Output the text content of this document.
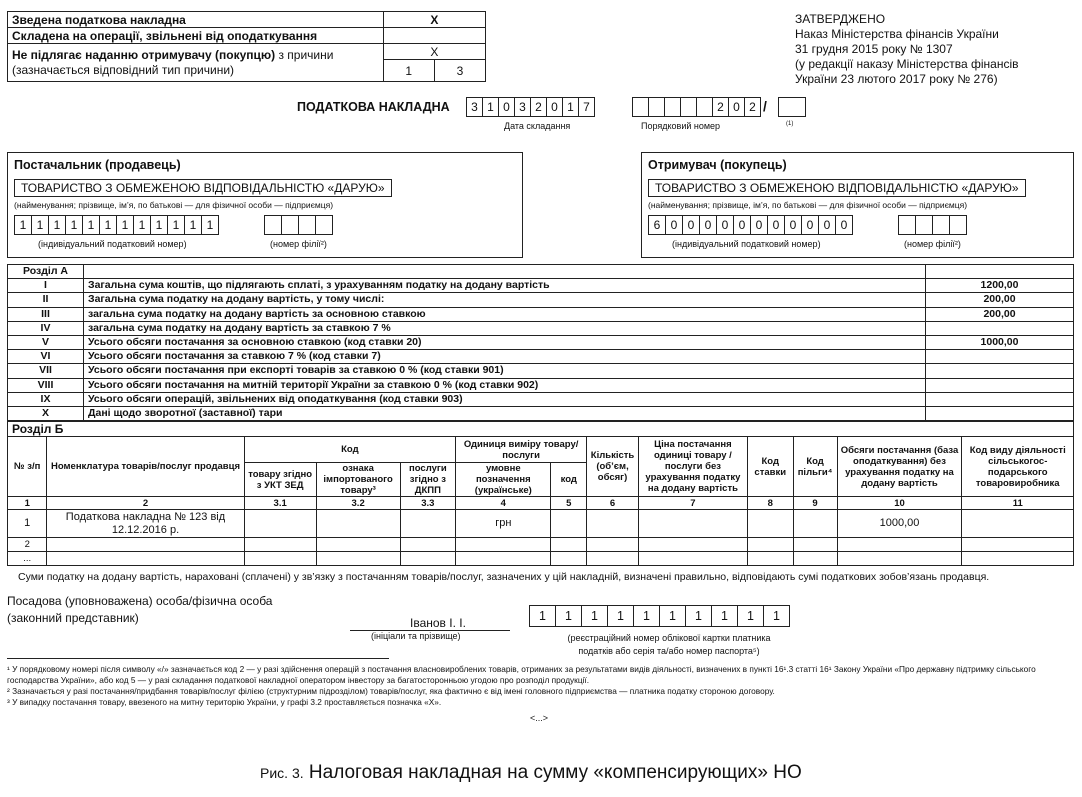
Зведена податкова накладна	X	
Складена на операції, звільнені від оподаткування		
Не підлягає наданню отримувачу (покупцю) з причини
(зазначається відповідний тип причини)	X	
	1	3
ЗАТВЕРДЖЕНО
Наказ Міністерства фінансів України
31 грудня 2015 року № 1307
(у редакції наказу Міністерства фінансів
України 23 лютого 2017 року № 276)
ПОДАТКОВА НАКЛАДНА	3 1 0 3 2 0 1 7	2 0 2 /
Дата складання	Порядковий номер	(1)
Постачальник (продавець)
ТОВАРИСТВО З ОБМЕЖЕНОЮ ВІДПОВІДАЛЬНІСТЮ «ДАРУЮ»
(найменування; прізвище, ім’я, по батькові — для фізичної особи — підприємця)
1 1 1 1 1 1 1 1 1 1 1 1
(індивідуальний податковий номер)	(номер філії²)
Отримувач (покупець)
ТОВАРИСТВО З ОБМЕЖЕНОЮ ВІДПОВІДАЛЬНІСТЮ «ДАРУЮ»
(найменування; прізвище, ім’я, по батькові — для фізичної особи — підприємця)
6 0 0 0 0 0 0 0 0 0 0 0
(індивідуальний податковий номер)	(номер філії²)
Розділ А		
I	Загальна сума коштів, що підлягають сплаті, з урахуванням податку на додану вартість	1200,00
II	Загальна сума податку на додану вартість, у тому числі:	200,00
III	загальна сума податку на додану вартість за основною ставкою	200,00
IV	загальна сума податку на додану вартість за ставкою 7 %	
V	Усього обсяги постачання за основною ставкою (код ставки 20)	1000,00
VI	Усього обсяги постачання за ставкою 7 % (код ставки 7)	
VII	Усього обсяги постачання при експорті товарів за ставкою 0 % (код ставки 901)	
VIII	Усього обсяги постачання на митній території України за ставкою 0 % (код ставки 902)	
IX	Усього обсяги операцій, звільнених від оподаткування (код ставки 903)	
X	Дані щодо зворотної (заставної) тари	
Розділ Б												
№ з/п	Номенклатура товарів/послуг продавця	Код			Одиниця виміру товару/послуги		Кількість (об’єм, обсяг)	Ціна постачання одиниці товару / послуги без урахування податку на додану вартість	Код ставки	Код пільги⁴	Обсяги постачання (база оподаткування) без урахування податку на додану вартість	Код виду діяльності сільськогос-подарського товаровиробника
		товару згідно з УКТ ЗЕД	ознака імпортованого товару³	послуги згідно з ДКПП	умовне позначення (українське)	код						
1	2	3.1	3.2	3.3	4	5	6	7	8	9	10	11
1	Податкова накладна № 123 від 12.12.2016 р.				грн						1000,00	
2												
...												
Суми податку на додану вартість, нараховані (сплачені) у зв’язку з постачанням товарів/послуг, зазначених у цій накладній, визначені правильно, відповідають сумі податкових зобов’язань продавця.
Посадова (уповноважена) особа/фізична особа
(законний представник)	Іванов І. І.
(ініціали та прізвище)
1	1	1	1	1	1	1	1	1	1
(реєстраційний номер облікової картки платника
податків або серія та/або номер паспорта⁵)
¹ У порядковому номері після символу «/» зазначається код 2 — у разі здійснення операцій з постачання власновироблених товарів, отриманих за результатами видів діяльності, визначених в пункті 16¹.3 статті 16¹ Закону України «Про державну підтримку сільського господарства України», або код 5 — у разі складання податкової накладної оператором інвестору за багатосторонньою угодою про розподіл продукції.
² Зазначається у разі постачання/придбання товарів/послуг філією (структурним підрозділом) товарів/послуг, яка фактично є від імені головного підприємства — платника податку стороною договору.
³ У випадку постачання товару, ввезеного на митну територію України, у графі 3.2 проставляється позначка «Х».
<...>
Рис. 3. Налоговая накладная на сумму «компенсирующих» НО
